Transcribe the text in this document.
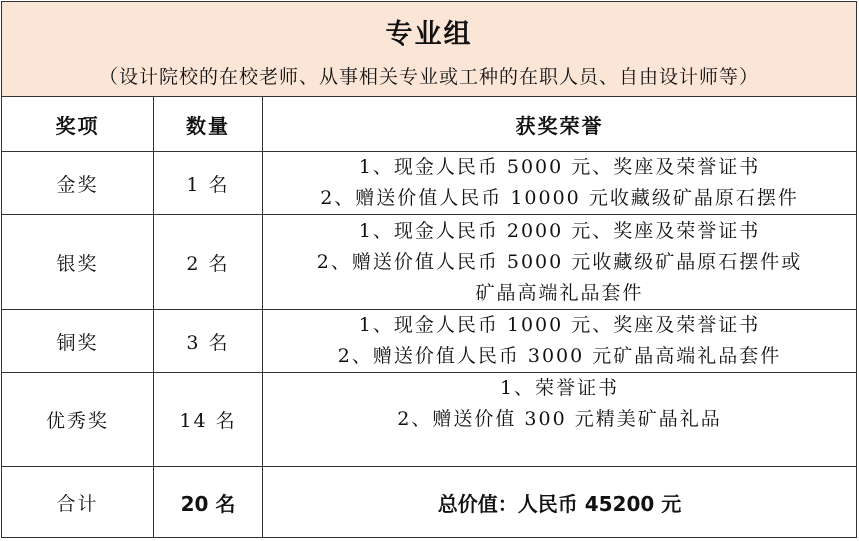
专业组
（设计院校的在校老师、从事相关专业或工种的在职人员、自由设计师等）		

奖项	数量	获奖荣誉
金奖	1 名	1、现金人民币 5000 元、奖座及荣誉证书
2、赠送价值人民币 10000 元收藏级矿晶原石摆件

银奖	2 名	1、现金人民币 2000 元、奖座及荣誉证书
2、赠送价值人民币 5000 元收藏级矿晶原石摆件或
矿晶高端礼品套件

铜奖	3 名	1、现金人民币 1000 元、奖座及荣誉证书
2、赠送价值人民币 3000 元矿晶高端礼品套件

优秀奖	14 名	1、荣誉证书
2、赠送价值 300 元精美矿晶礼品

合计	20 名	总价值：人民币 45200 元
